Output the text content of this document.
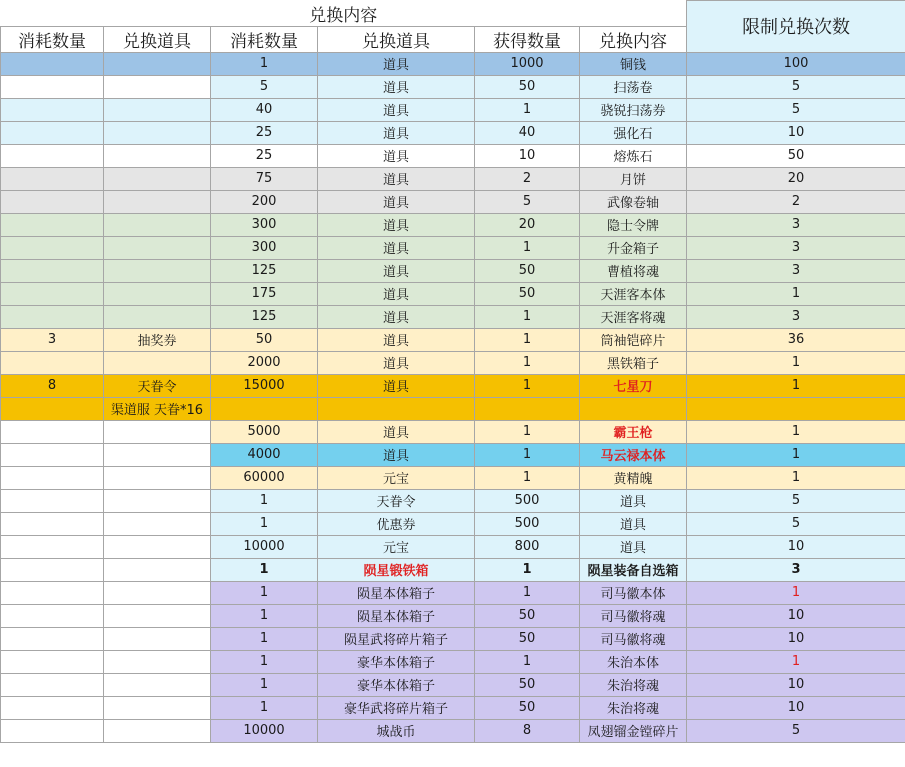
兑换内容						限制兑换次数
消耗数量	兑换道具	消耗数量	兑换道具	获得数量	兑换内容	
		1	道具	1000	铜钱	100
		5	道具	50	扫荡卷	5
		40	道具	1	骁锐扫荡券	5
		25	道具	40	强化石	10
		25	道具	10	熔炼石	50
		75	道具	2	月饼	20
		200	道具	5	武像卷轴	2
		300	道具	20	隐士令牌	3
		300	道具	1	升金箱子	3
		125	道具	50	曹植将魂	3
		175	道具	50	天涯客本体	1
		125	道具	1	天涯客将魂	3
3	抽奖券	50	道具	1	筒袖铠碎片	36
		2000	道具	1	黑铁箱子	1
8	天眷令	15000	道具	1	七星刀	1
	渠道服 天眷*16					
		5000	道具	1	霸王枪	1
		4000	道具	1	马云禄本体	1
		60000	元宝	1	黄精魄	1
		1	天眷令	500	道具	5
		1	优惠券	500	道具	5
		10000	元宝	800	道具	10
		1	陨星锻铁箱	1	陨星装备自选箱	3
		1	陨星本体箱子	1	司马徽本体	1
		1	陨星本体箱子	50	司马徽将魂	10
		1	陨星武将碎片箱子	50	司马徽将魂	10
		1	豪华本体箱子	1	朱治本体	1
		1	豪华本体箱子	50	朱治将魂	10
		1	豪华武将碎片箱子	50	朱治将魂	10
		10000	城战币	8	凤翅镏金镗碎片	5
